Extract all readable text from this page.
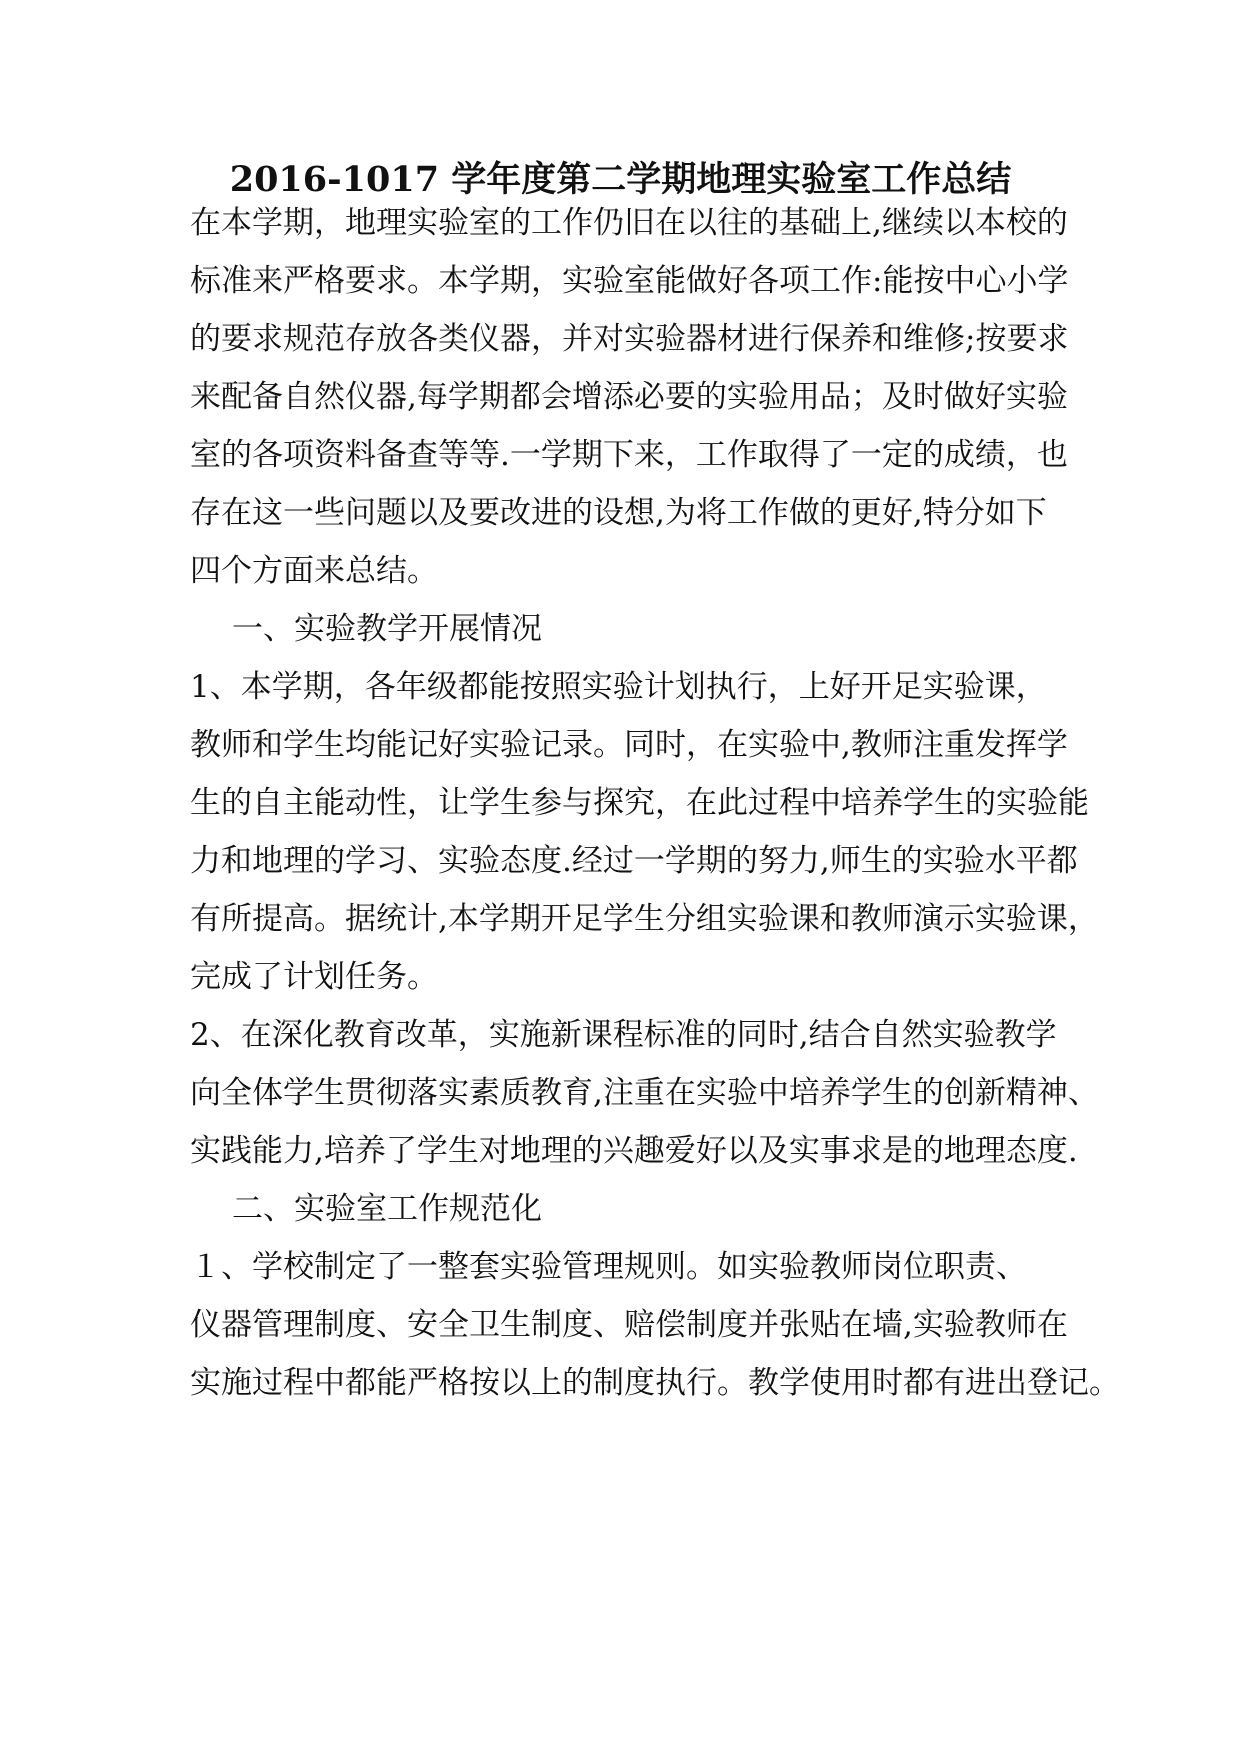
2016-1017 学年度第二学期地理实验室工作总结
在本学期，地理实验室的工作仍旧在以往的基础上,继续以本校的
标准来严格要求。本学期，实验室能做好各项工作:能按中心小学
的要求规范存放各类仪器，并对实验器材进行保养和维修;按要求
来配备自然仪器,每学期都会增添必要的实验用品；及时做好实验
室的各项资料备查等等.一学期下来，工作取得了一定的成绩，也
存在这一些问题以及要改进的设想,为将工作做的更好,特分如下
四个方面来总结。
一、实验教学开展情况
1、本学期，各年级都能按照实验计划执行，上好开足实验课，
教师和学生均能记好实验记录。同时，在实验中,教师注重发挥学
生的自主能动性，让学生参与探究，在此过程中培养学生的实验能
力和地理的学习、实验态度.经过一学期的努力,师生的实验水平都
有所提高。据统计,本学期开足学生分组实验课和教师演示实验课，
完成了计划任务。
2、在深化教育改革，实施新课程标准的同时,结合自然实验教学
向全体学生贯彻落实素质教育,注重在实验中培养学生的创新精神、
实践能力,培养了学生对地理的兴趣爱好以及实事求是的地理态度.
二、实验室工作规范化
１、学校制定了一整套实验管理规则。如实验教师岗位职责、
仪器管理制度、安全卫生制度、赔偿制度并张贴在墙,实验教师在
实施过程中都能严格按以上的制度执行。教学使用时都有进出登记。
